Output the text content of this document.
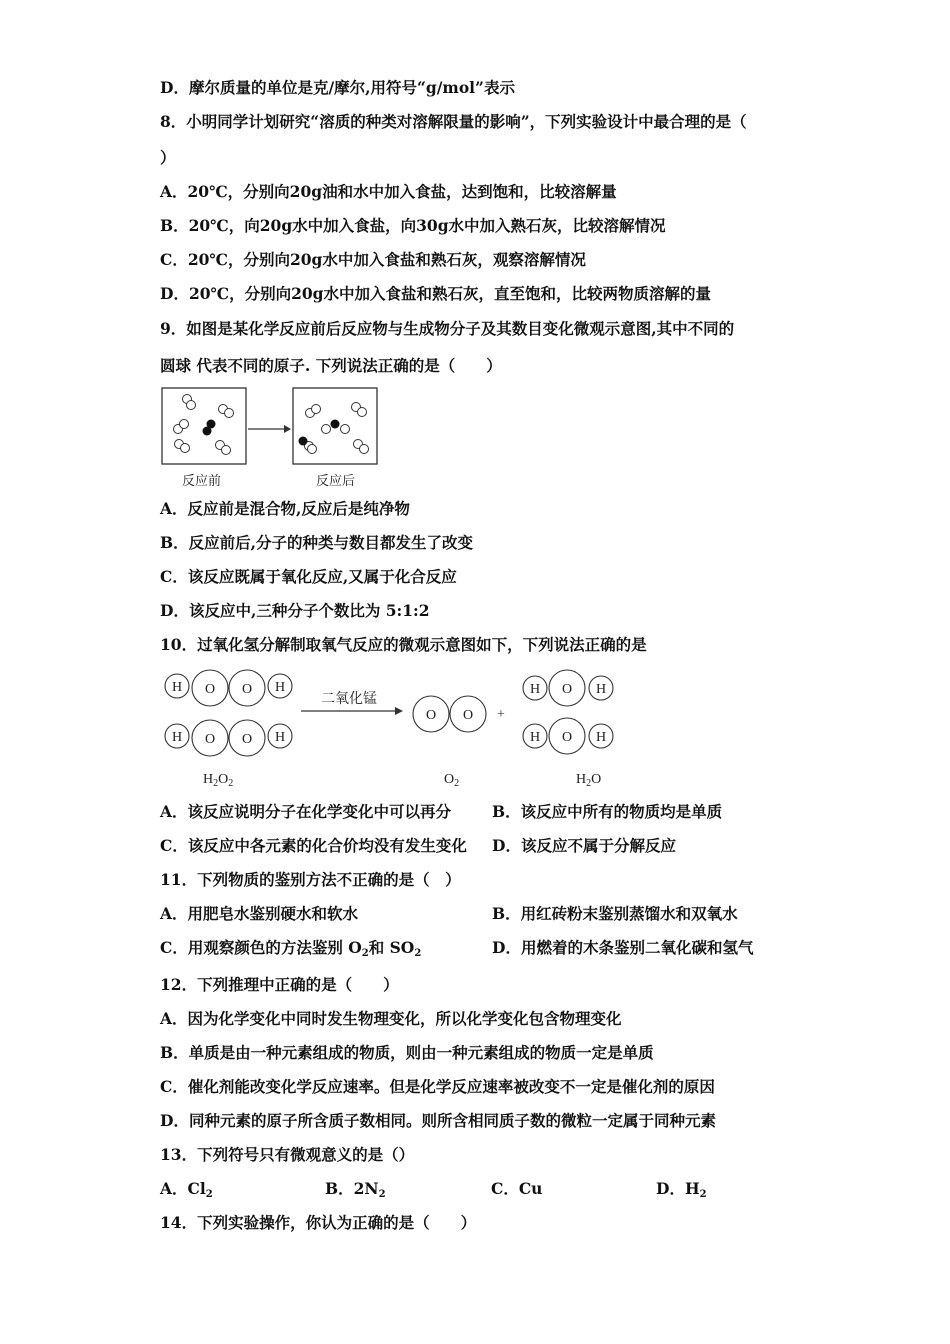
D．摩尔质量的单位是克/摩尔,用符号“g/mol”表示
8．小明同学计划研究“溶质的种类对溶解限量的影响”，下列实验设计中最合理的是（
）
A．20℃，分别向20g油和水中加入食盐，达到饱和，比较溶解量
B．20℃，向20g水中加入食盐，向30g水中加入熟石灰，比较溶解情况
C．20℃，分别向20g水中加入食盐和熟石灰，观察溶解情况
D．20℃，分别向20g水中加入食盐和熟石灰，直至饱和，比较两物质溶解的量
9．如图是某化学反应前后反应物与生成物分子及其数目变化微观示意图,其中不同的
圆球 代表不同的原子. 下列说法正确的是（　　）
反应前	反应后
A．反应前是混合物,反应后是纯净物
B．反应前后,分子的种类与数目都发生了改变
C．该反应既属于氧化反应,又属于化合反应
D．该反应中,三种分子个数比为 5:1:2
10．过氧化氢分解制取氧气反应的微观示意图如下，下列说法正确的是
H O O H
H O O H
二氧化锰
O O +
H O H
H O H
$H_2O_2$	$O_2$	$H_2O$
A．该反应说明分子在化学变化中可以再分	B．该反应中所有的物质均是单质
C．该反应中各元素的化合价均没有发生变化 D．该反应不属于分解反应
11．下列物质的鉴别方法不正确的是（　）
A．用肥皂水鉴别硬水和软水	B．用红砖粉末鉴别蒸馏水和双氧水
C．用观察颜色的方法鉴别 $O_2$和 $SO_2$	D．用燃着的木条鉴别二氧化碳和氢气
12．下列推理中正确的是（　　）
A．因为化学变化中同时发生物理变化，所以化学变化包含物理变化
B．单质是由一种元素组成的物质，则由一种元素组成的物质一定是单质
C．催化剂能改变化学反应速率。但是化学反应速率被改变不一定是催化剂的原因
D．同种元素的原子所含质子数相同。则所含相同质子数的微粒一定属于同种元素
13．下列符号只有微观意义的是（）
A．$Cl_2$	B．$2N_2$	C．Cu	D．$H_2$
14．下列实验操作，你认为正确的是（　　）
